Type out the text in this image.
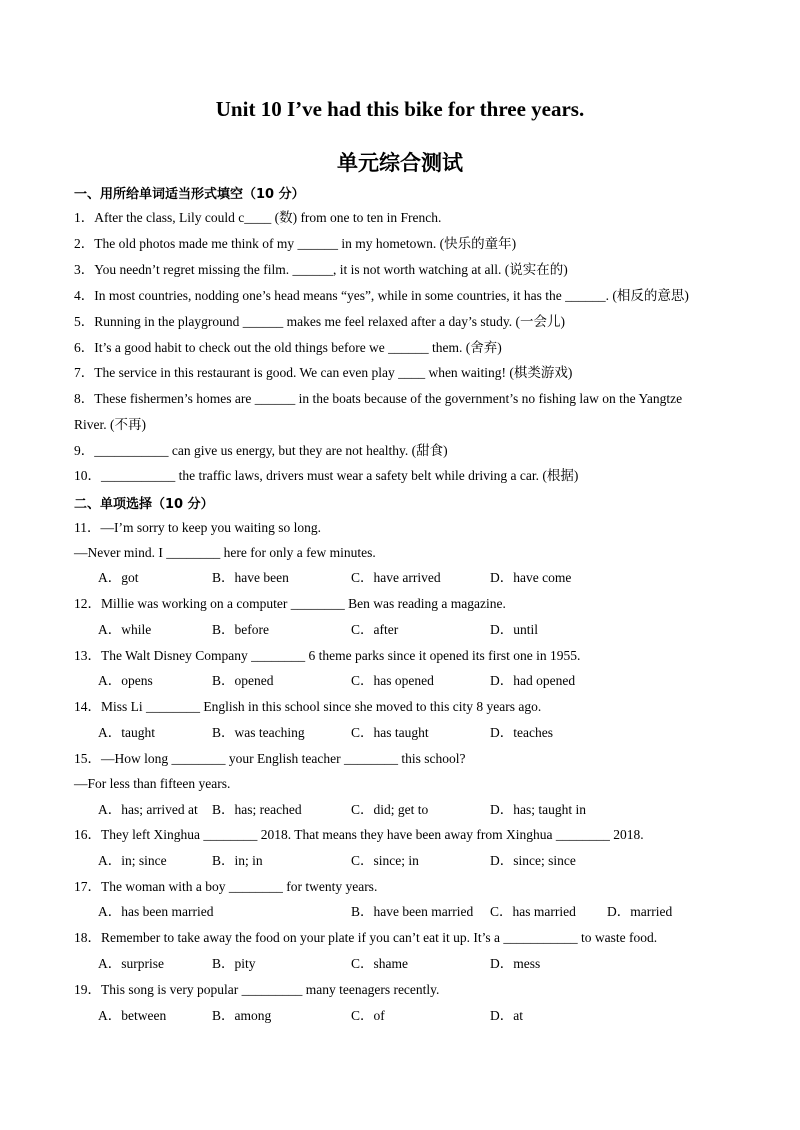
Unit 10 I’ve had this bike for three years.
单元综合测试
一、用所给单词适当形式填空（10 分）
1．After the class, Lily could c____ (数) from one to ten in French.
2．The old photos made me think of my ______ in my hometown. (快乐的童年)
3．You needn’t regret missing the film. ______, it is not worth watching at all. (说实在的)
4．In most countries, nodding one’s head means “yes”, while in some countries, it has the ______. (相反的意思)
5．Running in the playground ______ makes me feel relaxed after a day’s study. (一会儿)
6．It’s a good habit to check out the old things before we ______ them. (舍弃)
7．The service in this restaurant is good. We can even play ____ when waiting! (棋类游戏)
8．These fishermen’s homes are ______ in the boats because of the government’s no fishing law on the Yangtze
River. (不再)
9．___________ can give us energy, but they are not healthy. (甜食)
10．___________ the traffic laws, drivers must wear a safety belt while driving a car. (根据)
二、单项选择（10 分）
11．—I’m sorry to keep you waiting so long.
—Never mind. I ________ here for only a few minutes.
A．got	B．have been	C．have arrived	D．have come
12．Millie was working on a computer ________ Ben was reading a magazine.
A．while	B．before	C．after	D．until
13．The Walt Disney Company ________ 6 theme parks since it opened its first one in 1955.
A．opens	B．opened	C．has opened	D．had opened
14．Miss Li ________ English in this school since she moved to this city 8 years ago.
A．taught	B．was teaching	C．has taught	D．teaches
15．—How long ________ your English teacher ________ this school?
—For less than fifteen years.
A．has; arrived at B．has; reached	C．did; get to	D．has; taught in
16．They left Xinghua ________ 2018. That means they have been away from Xinghua ________ 2018.
A．in; since	B．in; in	C．since; in	D．since; since
17．The woman with a boy ________ for twenty years.
A．has been married	B．have been married C．has married D．married
18．Remember to take away the food on your plate if you can’t eat it up. It’s a ___________ to waste food.
A．surprise	B．pity	C．shame	D．mess
19．This song is very popular _________ many teenagers recently.
A．between	B．among	C．of	D．at
